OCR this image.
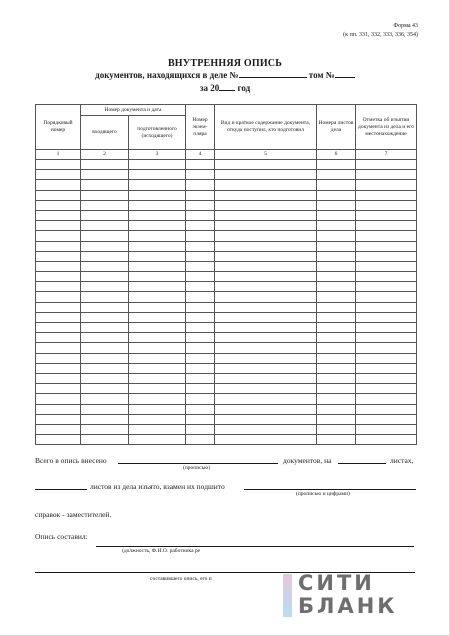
Форма 43
(к пп. 331, 332, 333, 336, 354)
ВНУТРЕННЯЯ ОПИСЬ
документов, находящихся в деле №	том №
за 20 год
Порядковый номер	Номер документа и дата		Номер экзем-пляра	Вид и краткое содержание документа, откуда поступил, кто подготовил	Номера листов дела	Отметка об изъятии документа из дела и его местонахождение
	входящего	подготовленного (исходящего)				
1	2	3	4	5	6	7

Всего в опись внесено	документов, на	листах,
(прописью)
листов из дела изъято, взамен их подшито
(прописью и цифрами)
справок - заместителей.
Опись составил:
(должность, Ф.И.О. работника ре
составившего опись, его п	СИТИ
БЛАНК
